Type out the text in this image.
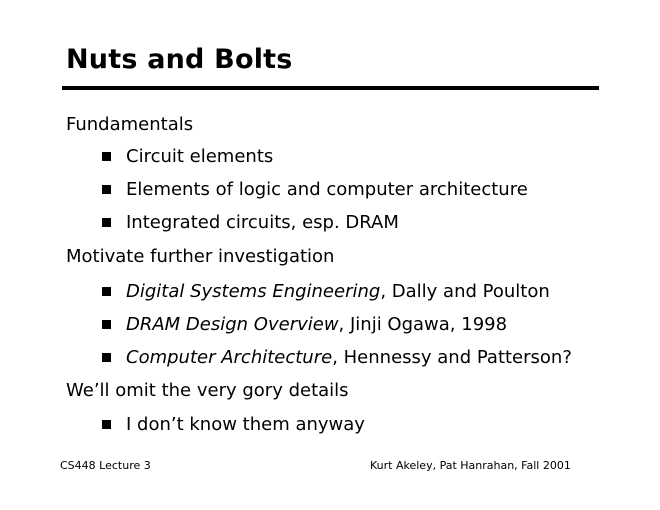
Nuts and Bolts
Fundamentals
Circuit elements
Elements of logic and computer architecture
Integrated circuits, esp. DRAM
Motivate further investigation
Digital Systems Engineering, Dally and Poulton
DRAM Design Overview, Jinji Ogawa, 1998
Computer Architecture, Hennessy and Patterson?
We’ll omit the very gory details
I don’t know them anyway
CS448 Lecture 3	Kurt Akeley, Pat Hanrahan, Fall 2001
